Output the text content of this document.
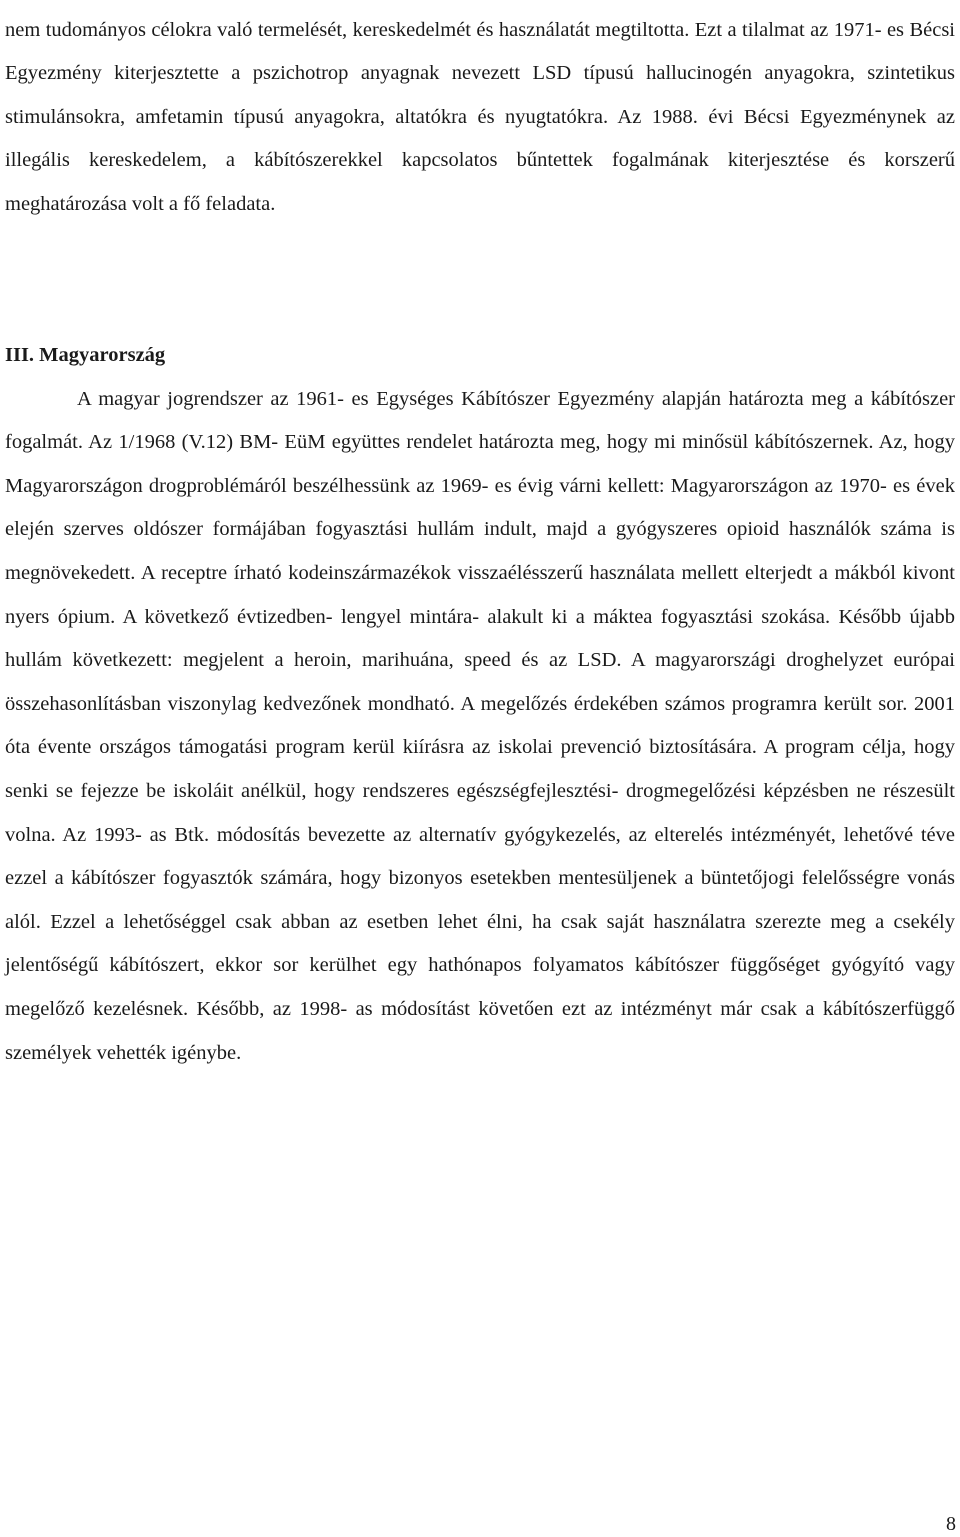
nem tudományos célokra való termelését, kereskedelmét és használatát megtiltotta. Ezt a tilalmat az 1971- es Bécsi Egyezmény kiterjesztette a pszichotrop anyagnak nevezett LSD típusú hallucinogén anyagokra, szintetikus stimulánsokra, amfetamin típusú anyagokra, altatókra és nyugtatókra. Az 1988. évi Bécsi Egyezménynek az illegális kereskedelem, a kábítószerekkel kapcsolatos bűntettek fogalmának kiterjesztése és korszerű meghatározása volt a fő feladata.

III. Magyarország

A magyar jogrendszer az 1961- es Egységes Kábítószer Egyezmény alapján határozta meg a kábítószer fogalmát. Az 1/1968 (V.12) BM- EüM együttes rendelet határozta meg, hogy mi minősül kábítószernek. Az, hogy Magyarországon drogproblémáról beszélhessünk az 1969- es évig várni kellett: Magyarországon az 1970- es évek elején szerves oldószer formájában fogyasztási hullám indult, majd a gyógyszeres opioid használók száma is megnövekedett. A receptre írható kodeinszármazékok visszaélésszerű használata mellett elterjedt a mákból kivont nyers ópium. A következő évtizedben- lengyel mintára- alakult ki a máktea fogyasztási szokása. Később újabb hullám következett: megjelent a heroin, marihuána, speed és az LSD. A magyarországi droghelyzet európai összehasonlításban viszonylag kedvezőnek mondható. A megelőzés érdekében számos programra került sor. 2001 óta évente országos támogatási program kerül kiírásra az iskolai prevenció biztosítására. A program célja, hogy senki se fejezze be iskoláit anélkül, hogy rendszeres egészségfejlesztési- drogmegelőzési képzésben ne részesült volna. Az 1993- as Btk. módosítás bevezette az alternatív gyógykezelés, az elterelés intézményét, lehetővé téve ezzel a kábítószer fogyasztók számára, hogy bizonyos esetekben mentesüljenek a büntetőjogi felelősségre vonás alól. Ezzel a lehetőséggel csak abban az esetben lehet élni, ha csak saját használatra szerezte meg a csekély jelentőségű kábítószert, ekkor sor kerülhet egy hathónapos folyamatos kábítószer függőséget gyógyító vagy megelőző kezelésnek. Később, az 1998- as módosítást követően ezt az intézményt már csak a kábítószerfüggő személyek vehették igénybe.

8
